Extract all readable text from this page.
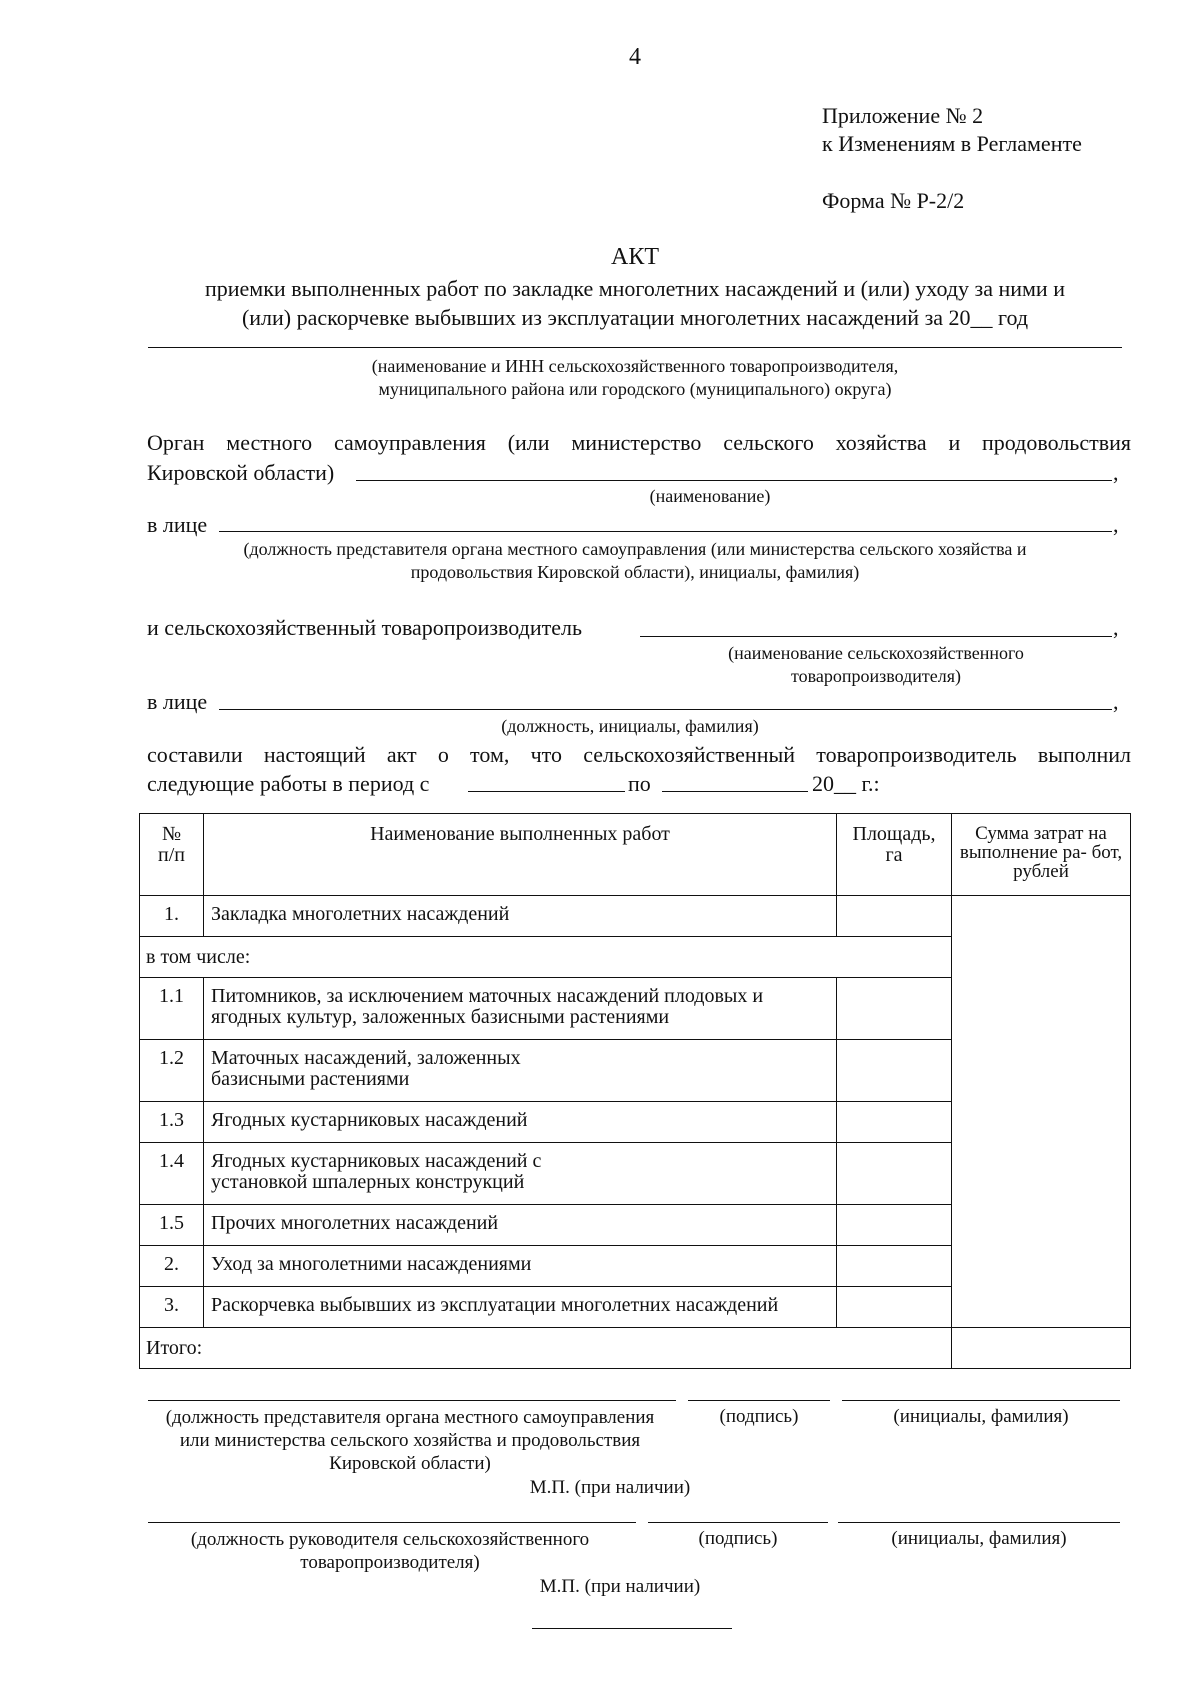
4
Приложение № 2
к Изменениям в Регламенте
Форма № Р-2/2
АКТ
приемки выполненных работ по закладке многолетних насаждений и (или) уходу за ними и
(или) раскорчевке выбывших из эксплуатации многолетних насаждений за 20__ год
(наименование и ИНН сельскохозяйственного товаропроизводителя,
муниципального района или городского (муниципального) округа)
Орган местного самоуправления (или министерство сельского хозяйства и продовольствия
Кировской области)	,
(наименование)
в лице	,
(должность представителя органа местного самоуправления (или министерства сельского хозяйства и
продовольствия Кировской области), инициалы, фамилия)
и сельскохозяйственный товаропроизводитель	,
(наименование сельскохозяйственного
товаропроизводителя)
в лице	,
(должность, инициалы, фамилия)
составили настоящий акт о том, что сельскохозяйственный товаропроизводитель выполнил
следующие работы в период с	по	20__ г.:
№ п/п	Наименование выполненных работ	Площадь, га	Сумма затрат на выполнение ра- бот, рублей
1.	Закладка многолетних насаждений		
в том числе:			
1.1	Питомников, за исключением маточных насаждений плодовых и ягодных культур, заложенных базисными растениями		
1.2	Маточных насаждений, заложенных базисными растениями		
1.3	Ягодных кустарниковых насаждений		
1.4	Ягодных кустарниковых насаждений с установкой шпалерных конструкций		
1.5	Прочих многолетних насаждений		
2.	Уход за многолетними насаждениями		
3.	Раскорчевка выбывших из эксплуатации многолетних насаждений		
Итого:			
(должность представителя органа местного самоуправления
или министерства сельского хозяйства и продовольствия
Кировской области)
(подпись)	(инициалы, фамилия)
М.П. (при наличии)
(должность руководителя сельскохозяйственного
товаропроизводителя)
(подпись)	(инициалы, фамилия)
М.П. (при наличии)
